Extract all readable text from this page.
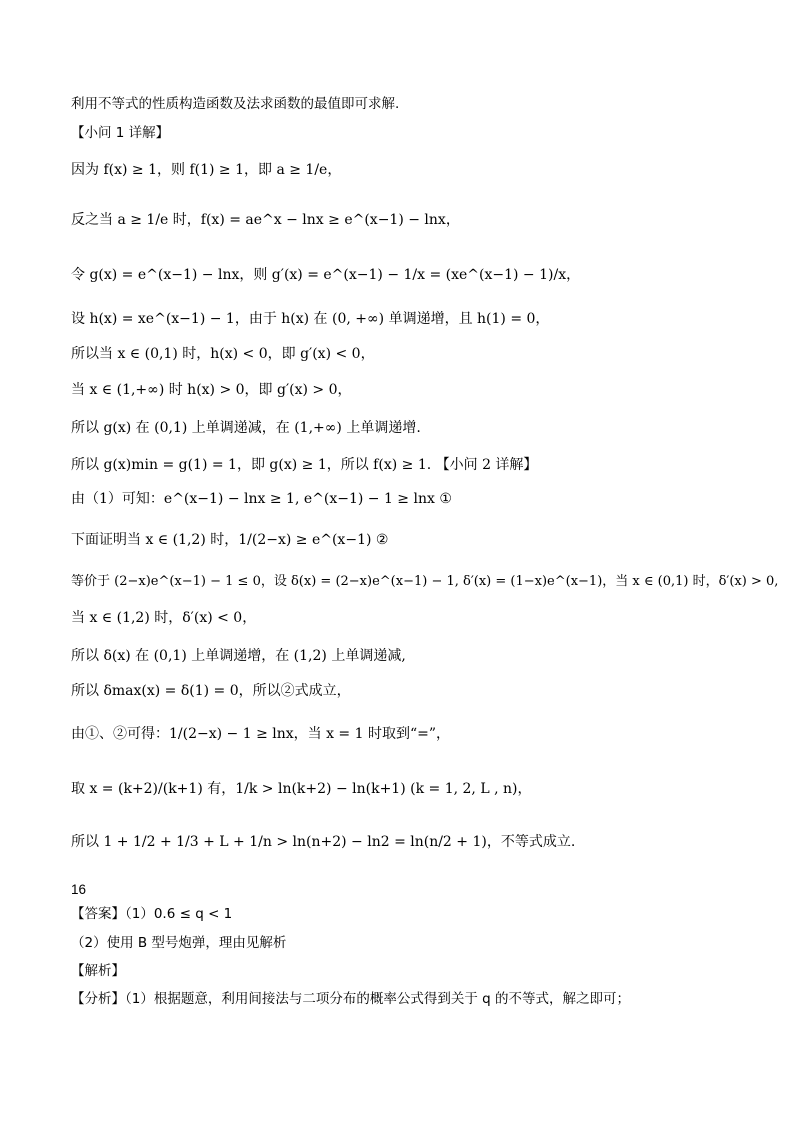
利用不等式的性质构造函数及法求函数的最值即可求解.
【小问 1 详解】
因为 f(x) ≥ 1，则 f(1) ≥ 1，即 a ≥ 1/e，
反之当 a ≥ 1/e 时，f(x) = ae^x − lnx ≥ e^(x−1) − lnx，
令 g(x) = e^(x−1) − lnx，则 g′(x) = e^(x−1) − 1/x = (xe^(x−1) − 1)/x，
设 h(x) = xe^(x−1) − 1，由于 h(x) 在 (0, +∞) 单调递增，且 h(1) = 0，
所以当 x ∈ (0,1) 时，h(x) < 0，即 g′(x) < 0，
当 x ∈ (1,+∞) 时 h(x) > 0，即 g′(x) > 0，
所以 g(x) 在 (0,1) 上单调递减，在 (1,+∞) 上单调递增.
所以 g(x)min = g(1) = 1，即 g(x) ≥ 1，所以 f(x) ≥ 1. 【小问 2 详解】
由（1）可知：e^(x−1) − lnx ≥ 1, e^(x−1) − 1 ≥ lnx ①
下面证明当 x ∈ (1,2) 时，1/(2−x) ≥ e^(x−1) ②
等价于 (2−x)e^(x−1) − 1 ≤ 0，设 δ(x) = (2−x)e^(x−1) − 1, δ′(x) = (1−x)e^(x−1)，当 x ∈ (0,1) 时，δ′(x) > 0,
当 x ∈ (1,2) 时，δ′(x) < 0，
所以 δ(x) 在 (0,1) 上单调递增，在 (1,2) 上单调递减,
所以 δmax(x) = δ(1) = 0，所以②式成立，
由①、②可得：1/(2−x) − 1 ≥ lnx，当 x = 1 时取到“=”，
取 x = (k+2)/(k+1) 有，1/k > ln(k+2) − ln(k+1) (k = 1, 2, L , n)，
所以 1 + 1/2 + 1/3 + L + 1/n > ln(n+2) − ln2 = ln(n/2 + 1)，不等式成立.
16
【答案】（1）0.6 ≤ q < 1
（2）使用 B 型号炮弹，理由见解析
【解析】
【分析】（1）根据题意，利用间接法与二项分布的概率公式得到关于 q 的不等式，解之即可；
